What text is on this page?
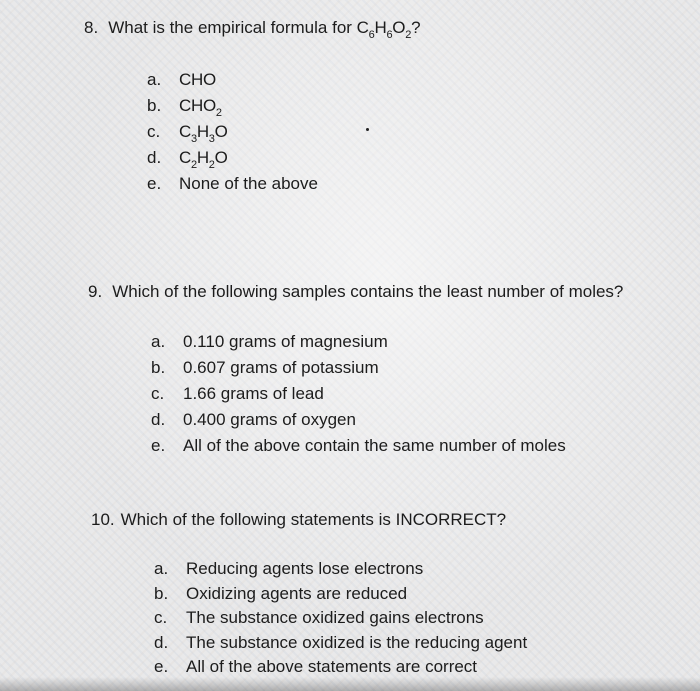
8. What is the empirical formula for $C_6H_6O_2$?
a. CHO
b. $CHO_2$
c. $C_3H_3O$
d. $C_2H_2O$
e. None of the above
9. Which of the following samples contains the least number of moles?
a. 0.110 grams of magnesium
b. 0.607 grams of potassium
c. 1.66 grams of lead
d. 0.400 grams of oxygen
e. All of the above contain the same number of moles
10. Which of the following statements is INCORRECT?
a. Reducing agents lose electrons
b. Oxidizing agents are reduced
c. The substance oxidized gains electrons
d. The substance oxidized is the reducing agent
e. All of the above statements are correct
